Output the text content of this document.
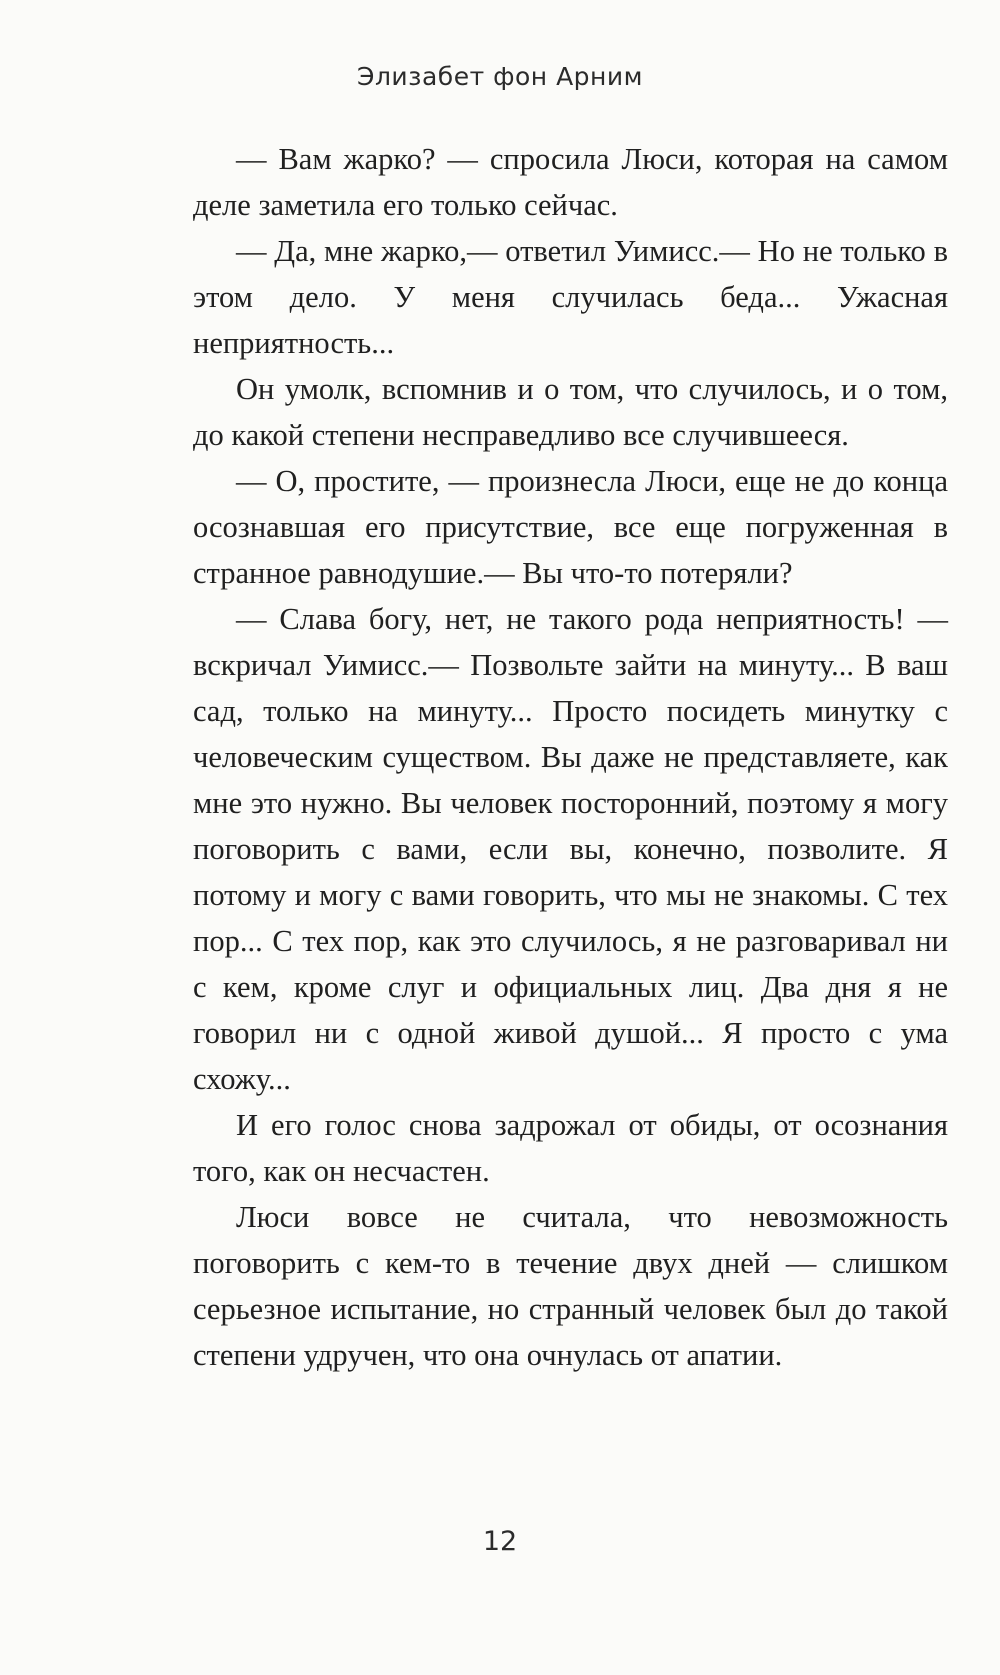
Элизабет фон Арним

— Вам жарко? — спросила Люси, которая на самом деле заметила его только сейчас.

— Да, мне жарко,— ответил Уимисс.— Но не только в этом дело. У меня случилась беда... Ужасная неприятность...

Он умолк, вспомнив и о том, что случилось, и о том, до какой степени несправедливо все случившееся.

— О, простите, — произнесла Люси, еще не до конца осознавшая его присутствие, все еще погруженная в странное равнодушие.— Вы что-то потеряли?

— Слава богу, нет, не такого рода неприятность! — вскричал Уимисс.— Позвольте зайти на минуту... В ваш сад, только на минуту... Просто посидеть минутку с человеческим существом. Вы даже не представляете, как мне это нужно. Вы человек посторонний, поэтому я могу поговорить с вами, если вы, конечно, позволите. Я потому и могу с вами говорить, что мы не знакомы. С тех пор... С тех пор, как это случилось, я не разговаривал ни с кем, кроме слуг и официальных лиц. Два дня я не говорил ни с одной живой душой... Я просто с ума схожу...

И его голос снова задрожал от обиды, от осознания того, как он несчастен.

Люси вовсе не считала, что невозможность поговорить с кем-то в течение двух дней — слишком серьезное испытание, но странный человек был до такой степени удручен, что она очнулась от апатии.

12
